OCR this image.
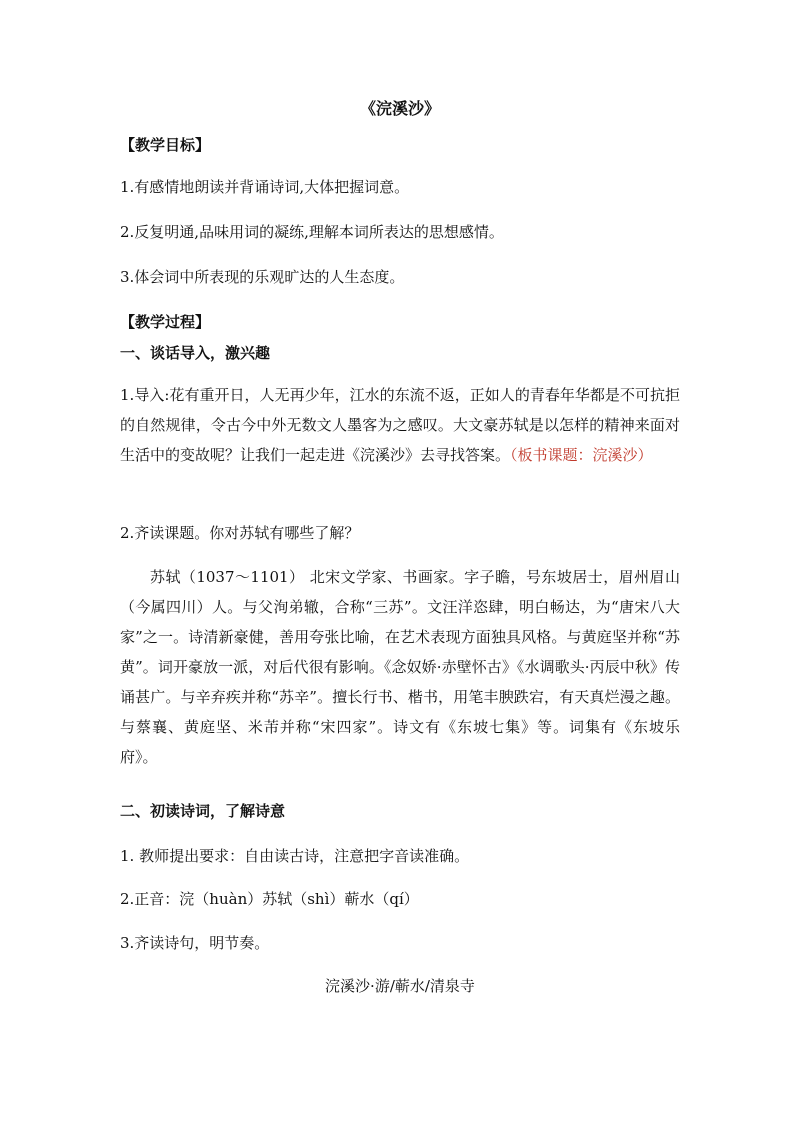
《浣溪沙》
【教学目标】
1.有感情地朗读并背诵诗词,大体把握词意。
2.反复明通,品味用词的凝练,理解本词所表达的思想感情。
3.体会词中所表现的乐观旷达的人生态度。
【教学过程】
一、谈话导入，激兴趣
1.导入:花有重开日，人无再少年，江水的东流不返，正如人的青春年华都是不可抗拒的自然规律，令古今中外无数文人墨客为之感叹。大文豪苏轼是以怎样的精神来面对生活中的变故呢？让我们一起走进《浣溪沙》去寻找答案。（板书课题：浣溪沙）
2.齐读课题。你对苏轼有哪些了解？
苏轼（1037～1101） 北宋文学家、书画家。字子瞻，号东坡居士，眉州眉山（今属四川）人。与父洵弟辙，合称“三苏”。文汪洋恣肆，明白畅达，为“唐宋八大家”之一。诗清新豪健，善用夸张比喻，在艺术表现方面独具风格。与黄庭坚并称“苏黄”。词开豪放一派，对后代很有影响。《念奴娇·赤壁怀古》《水调歌头·丙辰中秋》传诵甚广。与辛弃疾并称“苏辛”。擅长行书、楷书，用笔丰腴跌宕，有天真烂漫之趣。与蔡襄、黄庭坚、米芾并称“宋四家”。诗文有《东坡七集》等。词集有《东坡乐府》。
二、初读诗词，了解诗意
1. 教师提出要求：自由读古诗，注意把字音读准确。
2.正音：浣（huàn）苏轼（shì）蕲水（qí）
3.齐读诗句，明节奏。
浣溪沙·游/蕲水/清泉寺
